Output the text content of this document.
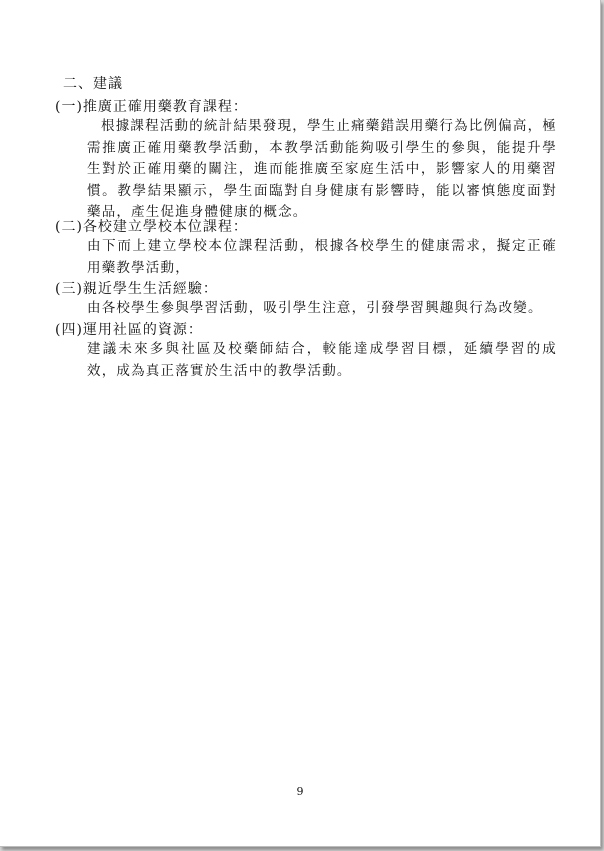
二、建議
(一)推廣正確用藥教育課程：

根據課程活動的統計結果發現，學生止痛藥錯誤用藥行為比例偏高，極需推廣正確用藥教學活動，本教學活動能夠吸引學生的參與，能提升學生對於正確用藥的關注，進而能推廣至家庭生活中，影響家人的用藥習慣。教學結果顯示，學生面臨對自身健康有影響時，能以審慎態度面對藥品，產生促進身體健康的概念。

(二)各校建立學校本位課程：

由下而上建立學校本位課程活動，根據各校學生的健康需求，擬定正確用藥教學活動，

(三)親近學生生活經驗：

由各校學生參與學習活動，吸引學生注意，引發學習興趣與行為改變。

(四)運用社區的資源：

建議未來多與社區及校藥師結合，較能達成學習目標，延續學習的成效，成為真正落實於生活中的教學活動。

9
